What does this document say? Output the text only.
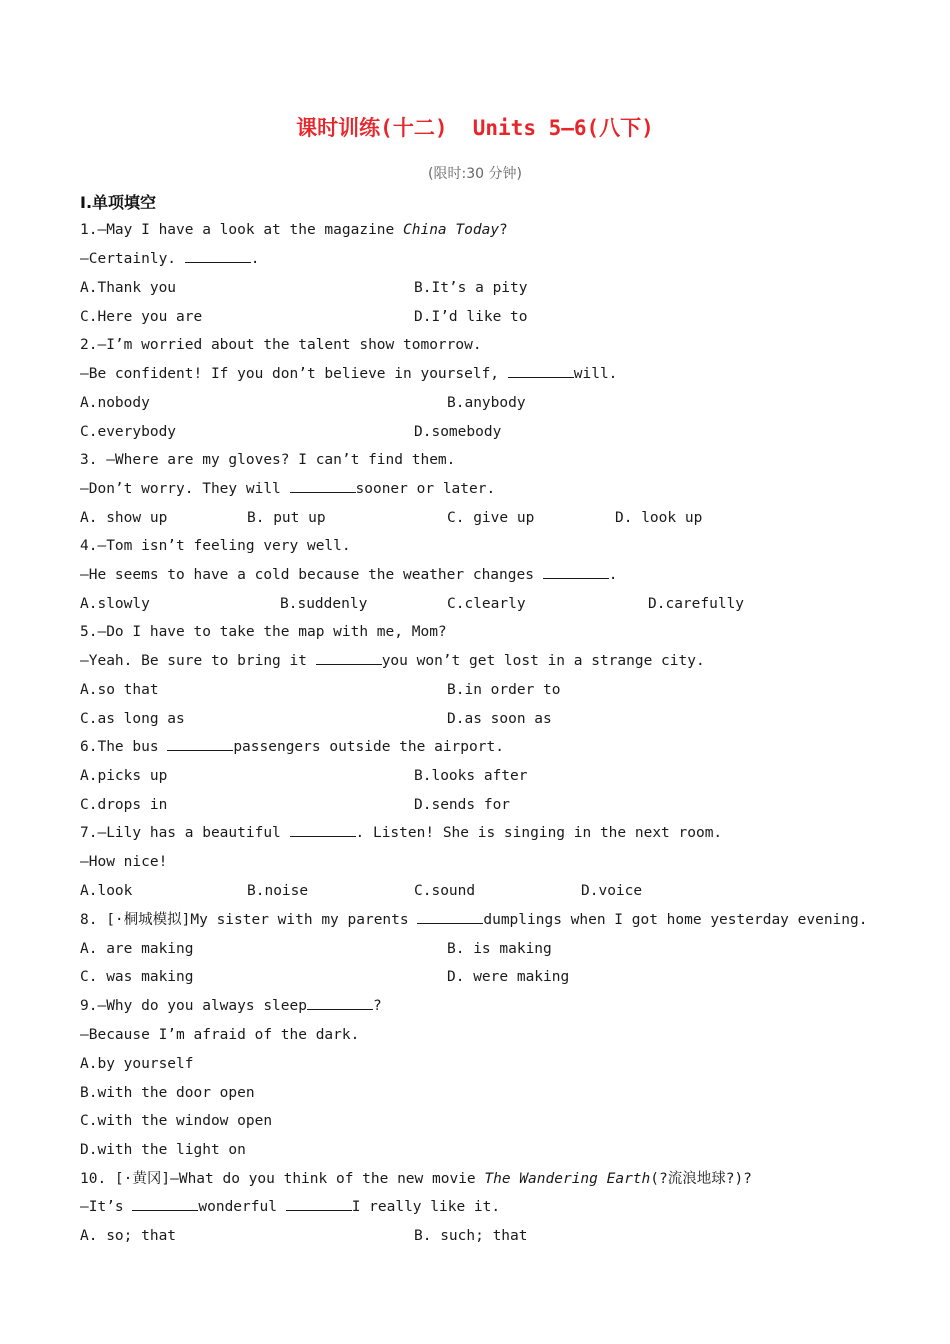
课时训练(十二)  Units 5—6(八下)
(限时:30 分钟)
Ⅰ.单项填空
1.—May I have a look at the magazine China Today?
—Certainly.	.
A.Thank you	B.It’s a pity
C.Here you are	D.I’d like to
2.—I’m worried about the talent show tomorrow.
—Be confident! If you don’t believe in yourself,	will.
A.nobody	B.anybody
C.everybody	D.somebody
3. —Where are my gloves? I can’t find them.
—Don’t worry. They will	sooner or later.
A. show up	B. put up	C. give up	D. look up
4.—Tom isn’t feeling very well.
—He seems to have a cold because the weather changes	.
A.slowly	B.suddenly	C.clearly	D.carefully
5.—Do I have to take the map with me, Mom?
—Yeah. Be sure to bring it	you won’t get lost in a strange city.
A.so that	B.in order to
C.as long as	D.as soon as
6.The bus	passengers outside the airport.
A.picks up	B.looks after
C.drops in	D.sends for
7.—Lily has a beautiful	. Listen! She is singing in the next room.
—How nice!
A.look	B.noise	C.sound	D.voice
8. [·桐城模拟]My sister with my parents	dumplings when I got home yesterday evening.
A. are making	B. is making
C. was making	D. were making
9.—Why do you always sleep	?
—Because I’m afraid of the dark.
A.by yourself
B.with the door open
C.with the window open
D.with the light on
10. [·黄冈]—What do you think of the new movie The Wandering Earth(?流浪地球?)?
—It’s	wonderful	I really like it.
A. so; that	B. such; that
